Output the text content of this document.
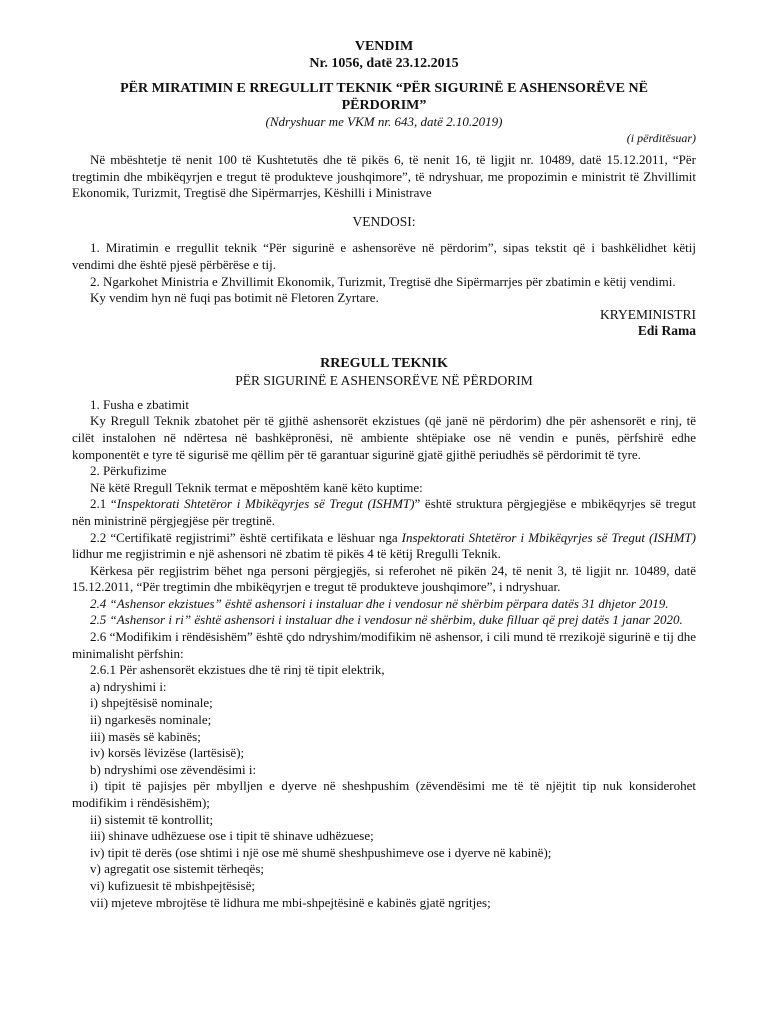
VENDIM
Nr. 1056, datë 23.12.2015
PËR MIRATIMIN E RREGULLIT TEKNIK “PËR SIGURINË E ASHENSORËVE NË
PËRDORIM”
(Ndryshuar me VKM nr. 643, datë 2.10.2019)
(i përditësuar)

Në mbështetje të nenit 100 të Kushtetutës dhe të pikës 6, të nenit 16, të ligjit nr. 10489, datë 15.12.2011, “Për tregtimin dhe mbikëqyrjen e tregut të produkteve joushqimore”, të ndryshuar, me propozimin e ministrit të Zhvillimit Ekonomik, Turizmit, Tregtisë dhe Sipërmarrjes, Këshilli i Ministrave

VENDOSI:

1. Miratimin e rregullit teknik “Për sigurinë e ashensorëve në përdorim”, sipas tekstit që i bashkëlidhet këtij vendimi dhe është pjesë përbërëse e tij.

2. Ngarkohet Ministria e Zhvillimit Ekonomik, Turizmit, Tregtisë dhe Sipërmarrjes për zbatimin e këtij vendimi.

Ky vendim hyn në fuqi pas botimit në Fletoren Zyrtare.

KRYEMINISTRI
Edi Rama
RREGULL TEKNIK
PËR SIGURINË E ASHENSORËVE NË PËRDORIM

1. Fusha e zbatimit

Ky Rregull Teknik zbatohet për të gjithë ashensorët ekzistues (që janë në përdorim) dhe për ashensorët e rinj, të cilët instalohen në ndërtesa në bashkëpronësi, në ambiente shtëpiake ose në vendin e punës, përfshirë edhe komponentët e tyre të sigurisë me qëllim për të garantuar sigurinë gjatë gjithë periudhës së përdorimit të tyre.

2. Përkufizime

Në këtë Rregull Teknik termat e mëposhtëm kanë këto kuptime:

2.1 “Inspektorati Shtetëror i Mbikëqyrjes së Tregut (ISHMT)” është struktura përgjegjëse e mbikëqyrjes së tregut nën ministrinë përgjegjëse për tregtinë.

2.2 “Certifikatë regjistrimi” është certifikata e lëshuar nga Inspektorati Shtetëror i Mbikëqyrjes së Tregut (ISHMT) lidhur me regjistrimin e një ashensori në zbatim të pikës 4 të këtij Rregulli Teknik.

Kërkesa për regjistrim bëhet nga personi përgjegjës, si referohet në pikën 24, të nenit 3, të ligjit nr. 10489, datë 15.12.2011, “Për tregtimin dhe mbikëqyrjen e tregut të produkteve joushqimore”, i ndryshuar.

2.4 “Ashensor ekzistues” është ashensori i instaluar dhe i vendosur në shërbim përpara datës 31 dhjetor 2019.

2.5 “Ashensor i ri” është ashensori i instaluar dhe i vendosur në shërbim, duke filluar që prej datës 1 janar 2020.

2.6 “Modifikim i rëndësishëm” është çdo ndryshim/modifikim në ashensor, i cili mund të rrezikojë sigurinë e tij dhe minimalisht përfshin:

2.6.1 Për ashensorët ekzistues dhe të rinj të tipit elektrik,

a) ndryshimi i:

i) shpejtësisë nominale;

ii) ngarkesës nominale;

iii) masës së kabinës;

iv) korsës lëvizëse (lartësisë);

b) ndryshimi ose zëvendësimi i:

i) tipit të pajisjes për mbylljen e dyerve në sheshpushim (zëvendësimi me të të njëjtit tip nuk konsiderohet modifikim i rëndësishëm);

ii) sistemit të kontrollit;

iii) shinave udhëzuese ose i tipit të shinave udhëzuese;

iv) tipit të derës (ose shtimi i një ose më shumë sheshpushimeve ose i dyerve në kabinë);

v) agregatit ose sistemit tërheqës;

vi) kufizuesit të mbishpejtësisë;

vii) mjeteve mbrojtëse të lidhura me mbi-shpejtësinë e kabinës gjatë ngritjes;
